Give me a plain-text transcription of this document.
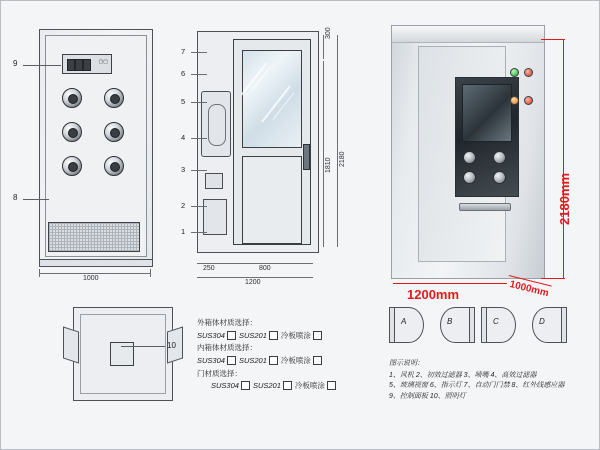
▢▢
9
8
1000
7
6
5
4
3
2
1
250	800
1200
300
1810 2180
10
2180mm
1200mm	1000mm
外箱体材质选择：
SUS304 SUS201 冷板喷涂
内箱体材质选择：
SUS304 SUS201 冷板喷涂
门材质选择：
SUS304 SUS201 冷板喷涂
A	B	C	D
图示说明：
1、风机 2、初效过滤器 3、喷嘴 4、高效过滤器
5、玻璃视窗 6、指示灯 7、自动门门禁 8、红外线感应器
9、控制面板 10、照明灯
